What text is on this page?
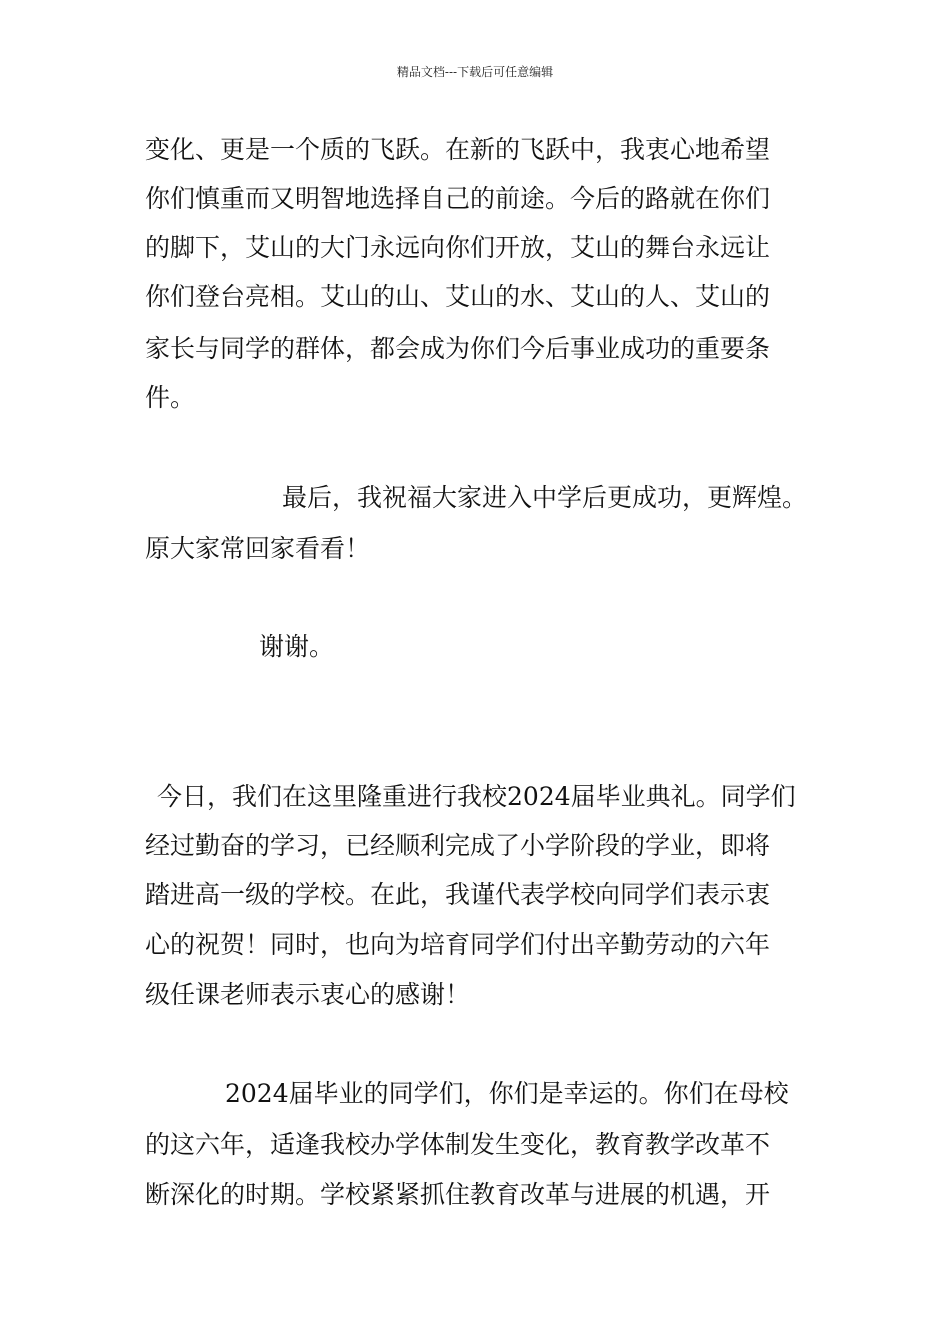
精品文档---下载后可任意编辑
变化、更是一个质的飞跃。在新的飞跃中，我衷心地希望
你们慎重而又明智地选择自己的前途。今后的路就在你们
的脚下，艾山的大门永远向你们开放，艾山的舞台永远让
你们登台亮相。艾山的山、艾山的水、艾山的人、艾山的
家长与同学的群体，都会成为你们今后事业成功的重要条
件。
最后，我祝福大家进入中学后更成功，更辉煌。
原大家常回家看看！
谢谢。
今日，我们在这里隆重进行我校2024届毕业典礼。同学们
经过勤奋的学习，已经顺利完成了小学阶段的学业，即将
踏进高一级的学校。在此，我谨代表学校向同学们表示衷
心的祝贺！同时，也向为培育同学们付出辛勤劳动的六年
级任课老师表示衷心的感谢！
2024届毕业的同学们，你们是幸运的。你们在母校
的这六年，适逢我校办学体制发生变化，教育教学改革不
断深化的时期。学校紧紧抓住教育改革与进展的机遇，开
